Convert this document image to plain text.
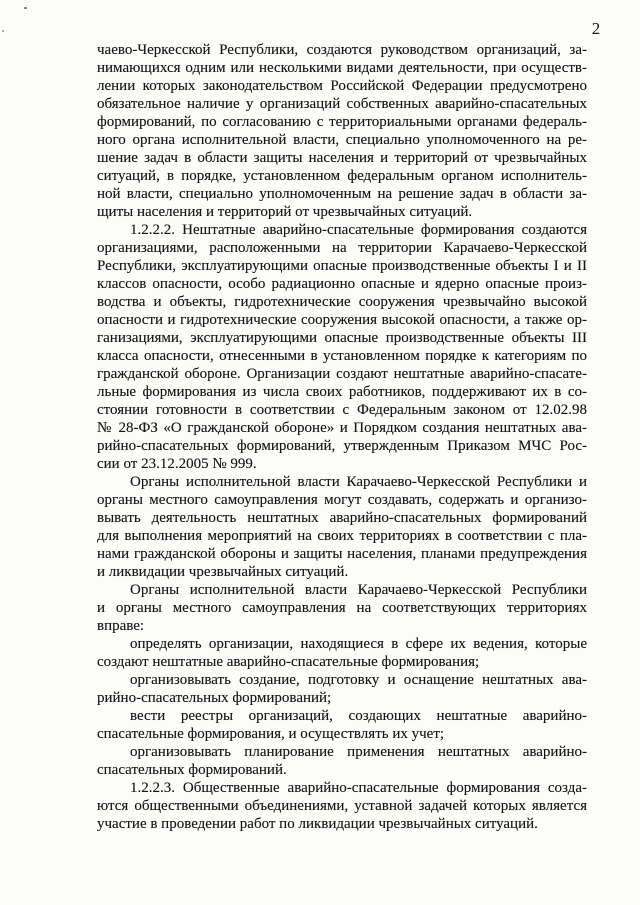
2
чаево-Черкесской Республики, создаются руководством организаций, за-
нимающихся одним или несколькими видами деятельности, при осуществ-
лении которых законодательством Российской Федерации предусмотрено
обязательное наличие у организаций собственных аварийно-спасательных
формирований, по согласованию с территориальными органами федераль-
ного органа исполнительной власти, специально уполномоченного на ре-
шение задач в области защиты населения и территорий от чрезвычайных
ситуаций, в порядке, установленном федеральным органом исполнитель-
ной власти, специально уполномоченным на решение задач в области за-
щиты населения и территорий от чрезвычайных ситуаций.
1.2.2.2. Нештатные аварийно-спасательные формирования создаются
организациями, расположенными на территории Карачаево-Черкесской
Республики, эксплуатирующими опасные производственные объекты I и II
классов опасности, особо радиационно опасные и ядерно опасные произ-
водства и объекты, гидротехнические сооружения чрезвычайно высокой
опасности и гидротехнические сооружения высокой опасности, а также ор-
ганизациями, эксплуатирующими опасные производственные объекты III
класса опасности, отнесенными в установленном порядке к категориям по
гражданской обороне. Организации создают нештатные аварийно-спасате-
льные формирования из числа своих работников, поддерживают их в со-
стоянии готовности в соответствии с Федеральным законом от 12.02.98
№ 28-ФЗ «О гражданской обороне» и Порядком создания нештатных ава-
рийно-спасательных формирований, утвержденным Приказом МЧС Рос-
сии от 23.12.2005 № 999.
Органы исполнительной власти Карачаево-Черкесской Республики и
органы местного самоуправления могут создавать, содержать и организо-
вывать деятельность нештатных аварийно-спасательных формирований
для выполнения мероприятий на своих территориях в соответствии с пла-
нами гражданской обороны и защиты населения, планами предупреждения
и ликвидации чрезвычайных ситуаций.
Органы исполнительной власти Карачаево-Черкесской Республики
и органы местного самоуправления на соответствующих территориях
вправе:
определять организации, находящиеся в сфере их ведения, которые
создают нештатные аварийно-спасательные формирования;
организовывать создание, подготовку и оснащение нештатных ава-
рийно-спасательных формирований;
вести реестры организаций, создающих нештатные аварийно-
спасательные формирования, и осуществлять их учет;
организовывать планирование применения нештатных аварийно-
спасательных формирований.
1.2.2.3. Общественные аварийно-спасательные формирования созда-
ются общественными объединениями, уставной задачей которых является
участие в проведении работ по ликвидации чрезвычайных ситуаций.
